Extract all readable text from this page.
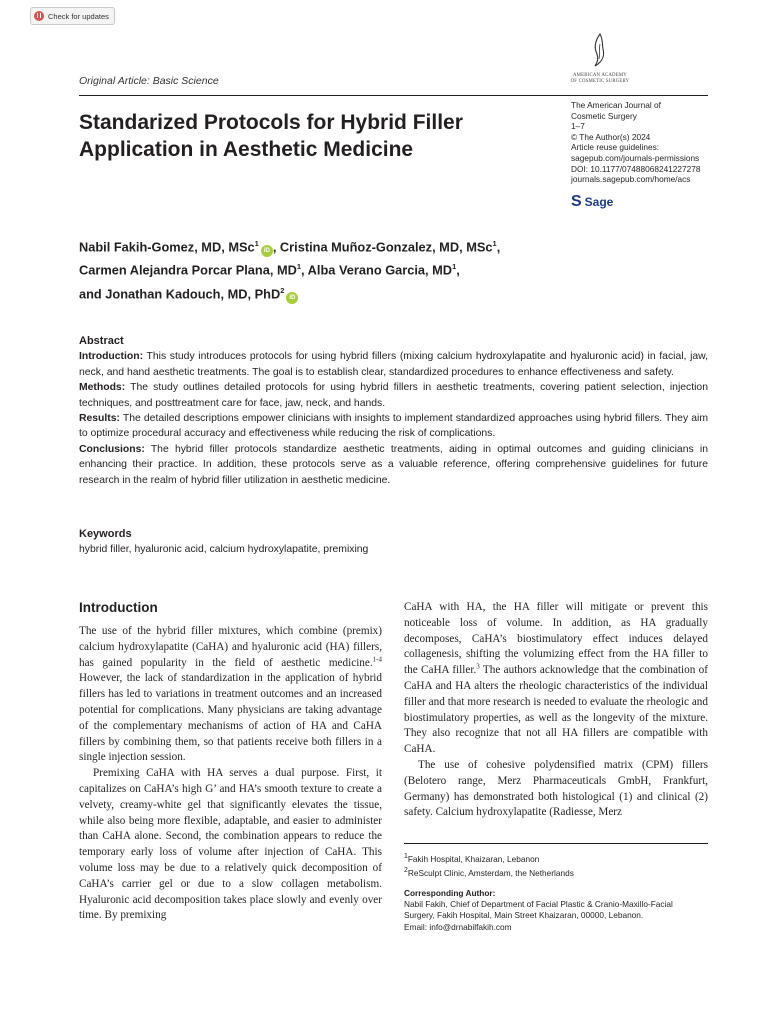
Check for updates
AMERICAN ACADEMY
OF COSMETIC SURGERY
Original Article: Basic Science
Standarized Protocols for Hybrid Filler Application in Aesthetic Medicine
The American Journal of
Cosmetic Surgery
1–7
© The Author(s) 2024
Article reuse guidelines:
sagepub.com/journals-permissions
DOI: 10.1177/07488068241227278
journals.sagepub.com/home/acs
S Sage
Nabil Fakih-Gomez, MD, MSc$^1$iD , Cristina Muñoz-Gonzalez, MD, MSc$^1$,
Carmen Alejandra Porcar Plana, $MD^1$, Alba Verano Garcia, $MD^1$,
and Jonathan Kadouch, MD, PhD$^2$iD

Abstract

Introduction: This study introduces protocols for using hybrid fillers (mixing calcium hydroxylapatite and hyaluronic acid) in facial, jaw, neck, and hand aesthetic treatments. The goal is to establish clear, standardized procedures to enhance effectiveness and safety.

Methods: The study outlines detailed protocols for using hybrid fillers in aesthetic treatments, covering patient selection, injection techniques, and posttreatment care for face, jaw, neck, and hands.

Results: The detailed descriptions empower clinicians with insights to implement standardized approaches using hybrid fillers. They aim to optimize procedural accuracy and effectiveness while reducing the risk of complications.

Conclusions: The hybrid filler protocols standardize aesthetic treatments, aiding in optimal outcomes and guiding clinicians in enhancing their practice. In addition, these protocols serve as a valuable reference, offering comprehensive guidelines for future research in the realm of hybrid filler utilization in aesthetic medicine.

Keywords
hybrid filler, hyaluronic acid, calcium hydroxylapatite, premixing
Introduction

The use of the hybrid filler mixtures, which combine (premix) calcium hydroxylapatite (CaHA) and hyaluronic acid (HA) fillers, has gained popularity in the field of aesthetic medicine.$^{1-4}$ However, the lack of standardization in the application of hybrid fillers has led to variations in treatment outcomes and an increased potential for complications. Many physicians are taking advantage of the complementary mechanisms of action of HA and CaHA fillers by combining them, so that patients receive both fillers in a single injection session.

Premixing CaHA with HA serves a dual purpose. First, it capitalizes on CaHA’s high G’ and HA’s smooth texture to create a velvety, creamy-white gel that significantly elevates the tissue, while also being more flexible, adaptable, and easier to administer than CaHA alone. Second, the combination appears to reduce the temporary early loss of volume after injection of CaHA. This volume loss may be due to a relatively quick decomposition of CaHA’s carrier gel or due to a slow collagen metabolism. Hyaluronic acid decomposition takes place slowly and evenly over time. By premixing

CaHA with HA, the HA filler will mitigate or prevent this noticeable loss of volume. In addition, as HA gradually decomposes, CaHA’s biostimulatory effect induces delayed collagenesis, shifting the volumizing effect from the HA filler to the CaHA filler.$^3$ The authors acknowledge that the combination of CaHA and HA alters the rheologic characteristics of the individual filler and that more research is needed to evaluate the rheologic and biostimulatory properties, as well as the longevity of the mixture. They also recognize that not all HA fillers are compatible with CaHA.

The use of cohesive polydensified matrix (CPM) fillers (Belotero range, Merz Pharmaceuticals GmbH, Frankfurt, Germany) has demonstrated both histological (1) and clinical (2) safety. Calcium hydroxylapatite (Radiesse, Merz

$^1$Fakih Hospital, Khaizaran, Lebanon
$^2$ReSculpt Clinic, Amsterdam, the Netherlands
Corresponding Author:
Nabil Fakih, Chief of Department of Facial Plastic & Cranio-Maxillo-Facial
Surgery, Fakih Hospital, Main Street Khaizaran, 00000, Lebanon.
Email: info@drnabilfakih.com
